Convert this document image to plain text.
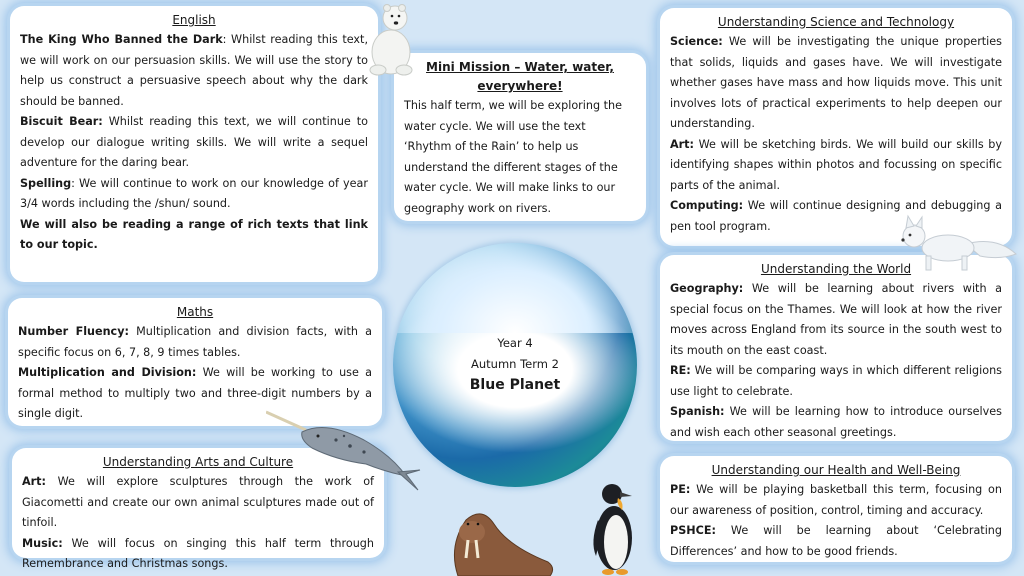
English

The King Who Banned the Dark: Whilst reading this text, we will work on our persuasion skills. We will use the story to help us construct a persuasive speech about why the dark should be banned.

Biscuit Bear: Whilst reading this text, we will continue to develop our dialogue writing skills. We will write a sequel adventure for the daring bear.

Spelling: We will continue to work on our knowledge of year 3/4 words including the /shun/ sound.

We will also be reading a range of rich texts that link to our topic.

Maths

Number Fluency: Multiplication and division facts, with a specific focus on 6, 7, 8, 9 times tables.

Multiplication and Division: We will be working to use a formal method to multiply two and three-digit numbers by a single digit.

Understanding Arts and Culture

Art: We will explore sculptures through the work of Giacometti and create our own animal sculptures made out of tinfoil.

Music: We will focus on singing this half term through Remembrance and Christmas songs.

Mini Mission – Water, water, everywhere!

This half term, we will be exploring the water cycle. We will use the text ‘Rhythm of the Rain’ to help us understand the different stages of the water cycle. We will make links to our geography work on rivers.

Year 4
Autumn Term 2
Blue Planet
Understanding Science and Technology

Science: We will be investigating the unique properties that solids, liquids and gases have. We will investigate whether gases have mass and how liquids move. This unit involves lots of practical experiments to help deepen our understanding.

Art: We will be sketching birds. We will build our skills by identifying shapes within photos and focussing on specific parts of the animal.

Computing: We will continue designing and debugging a pen tool program.

Understanding the World

Geography: We will be learning about rivers with a special focus on the Thames. We will look at how the river moves across England from its source in the south west to its mouth on the east coast.

RE: We will be comparing ways in which different religions use light to celebrate.

Spanish: We will be learning how to introduce ourselves and wish each other seasonal greetings.

Understanding our Health and Well-Being

PE: We will be playing basketball this term, focusing on our awareness of position, control, timing and accuracy.

PSHCE: We will be learning about ‘Celebrating Differences’ and how to be good friends.
